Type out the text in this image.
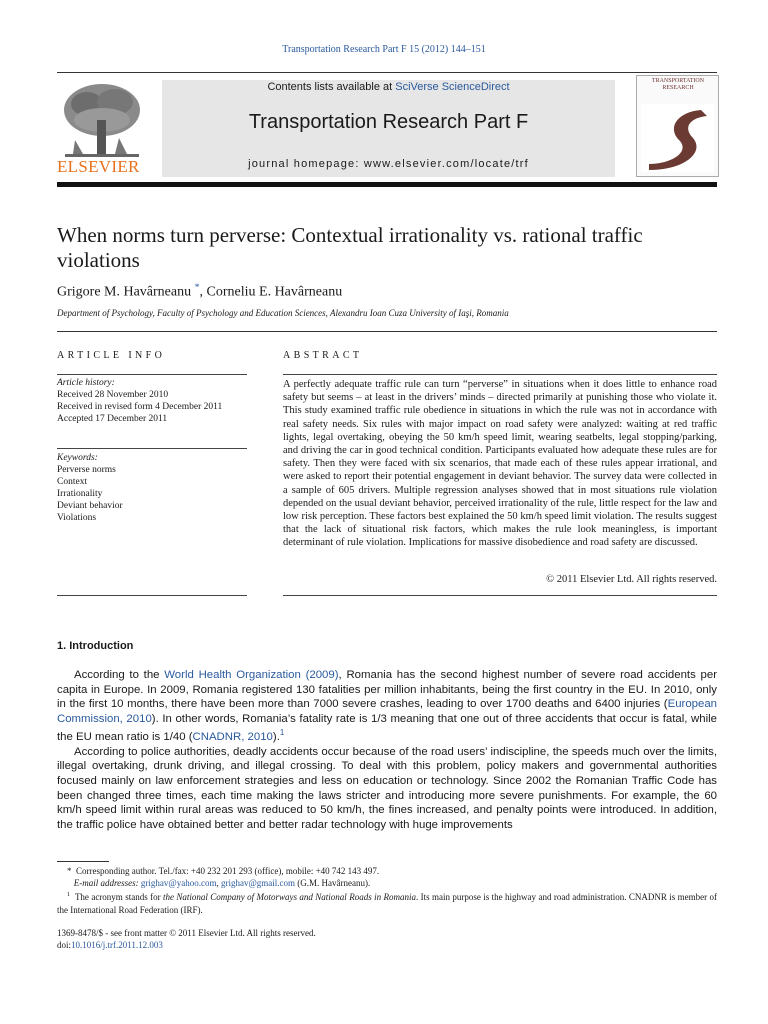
Transportation Research Part F 15 (2012) 144–151
ELSEVIER
Contents lists available at SciVerse ScienceDirect
Transportation Research Part F
journal homepage: www.elsevier.com/locate/trf
TRANSPORTATION RESEARCH
When norms turn perverse: Contextual irrationality vs. rational traffic violations
Grigore M. Havârneanu *, Corneliu E. Havârneanu
Department of Psychology, Faculty of Psychology and Education Sciences, Alexandru Ioan Cuza University of Iaşi, Romania
ARTICLE INFO	ABSTRACT
Article history:
Received 28 November 2010
Received in revised form 4 December 2011
Accepted 17 December 2011
Keywords:
Perverse norms
Context
Irrationality
Deviant behavior
Violations
A perfectly adequate traffic rule can turn “perverse” in situations when it does little to enhance road safety but seems – at least in the drivers’ minds – directed primarily at punishing those who violate it. This study examined traffic rule obedience in situations in which the rule was not in accordance with real safety needs. Six rules with major impact on road safety were analyzed: waiting at red traffic lights, legal overtaking, obeying the 50 km/h speed limit, wearing seatbelts, legal stopping/parking, and driving the car in good technical condition. Participants evaluated how adequate these rules are for safety. Then they were faced with six scenarios, that made each of these rules appear irrational, and were asked to report their potential engagement in deviant behavior. The survey data were collected in a sample of 605 drivers. Multiple regression analyses showed that in most situations rule violation depended on the usual deviant behavior, perceived irrationality of the rule, little respect for the law and low risk perception. These factors best explained the 50 km/h speed limit violation. The results suggest that the lack of situational risk factors, which makes the rule look meaningless, is important determinant of rule violation. Implications for massive disobedience and road safety are discussed.
© 2011 Elsevier Ltd. All rights reserved.
1. Introduction

According to the World Health Organization (2009), Romania has the second highest number of severe road accidents per capita in Europe. In 2009, Romania registered 130 fatalities per million inhabitants, being the first country in the EU. In 2010, only in the first 10 months, there have been more than 7000 severe crashes, leading to over 1700 deaths and 6400 injuries (European Commission, 2010). In other words, Romania’s fatality rate is 1/3 meaning that one out of three accidents that occur is fatal, while the EU mean ratio is 1/40 (CNADNR, 2010).$^1$

According to police authorities, deadly accidents occur because of the road users’ indiscipline, the speeds much over the limits, illegal overtaking, drunk driving, and illegal crossing. To deal with this problem, policy makers and governmental authorities focused mainly on law enforcement strategies and less on education or technology. Since 2002 the Romanian Traffic Code has been changed three times, each time making the laws stricter and introducing more severe punishments. For example, the 60 km/h speed limit within rural areas was reduced to 50 km/h, the fines increased, and penalty points were introduced. In addition, the traffic police have obtained better and better radar technology with huge improvements

* Corresponding author. Tel./fax: +40 232 201 293 (office), mobile: +40 742 143 497.
E-mail addresses: grighav@yahoo.com, grighav@gmail.com (G.M. Havârneanu).
$^1$ The acronym stands for the National Company of Motorways and National Roads in Romania. Its main purpose is the highway and road administration. CNADNR is member of the International Road Federation (IRF).
1369-8478/$ - see front matter © 2011 Elsevier Ltd. All rights reserved.
doi:10.1016/j.trf.2011.12.003
